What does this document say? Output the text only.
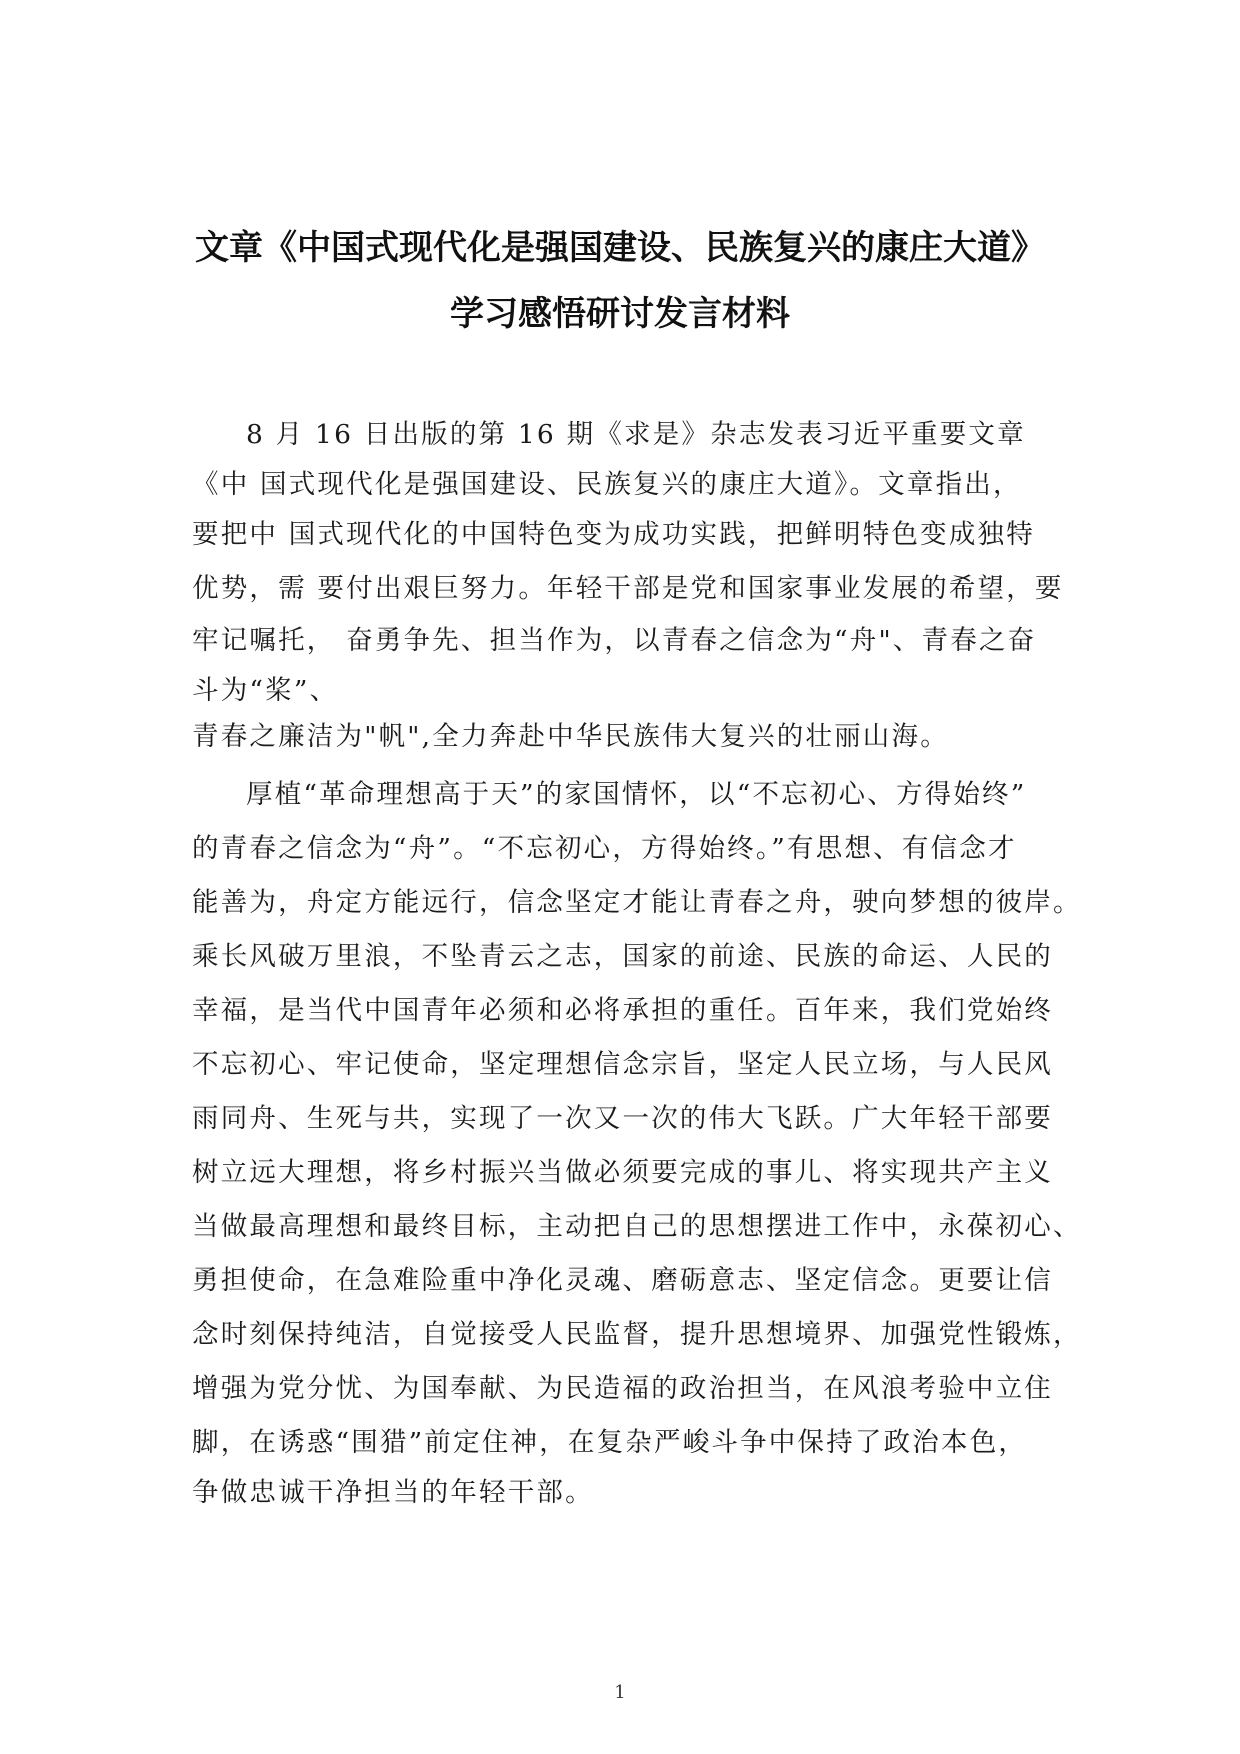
文章《中国式现代化是强国建设、民族复兴的康庄大道》
学习感悟研讨发言材料
8 月 16 日出版的第 16 期《求是》杂志发表习近平重要文章
《中 国式现代化是强国建设、民族复兴的康庄大道》。文章指出，
要把中 国式现代化的中国特色变为成功实践，把鲜明特色变成独特
优势，需 要付出艰巨努力。年轻干部是党和国家事业发展的希望，要
牢记嘱托， 奋勇争先、担当作为，以青春之信念为“舟"、青春之奋
斗为“桨”、
青春之廉洁为"帆",全力奔赴中华民族伟大复兴的壮丽山海。
厚植“革命理想高于天”的家国情怀，以“不忘初心、方得始终”
的青春之信念为“舟”。“不忘初心，方得始终。”有思想、有信念才
能善为，舟定方能远行，信念坚定才能让青春之舟，驶向梦想的彼岸。
乘长风破万里浪，不坠青云之志，国家的前途、民族的命运、人民的
幸福，是当代中国青年必须和必将承担的重任。百年来，我们党始终
不忘初心、牢记使命，坚定理想信念宗旨，坚定人民立场，与人民风
雨同舟、生死与共，实现了一次又一次的伟大飞跃。广大年轻干部要
树立远大理想，将乡村振兴当做必须要完成的事儿、将实现共产主义
当做最高理想和最终目标，主动把自己的思想摆进工作中，永葆初心、
勇担使命，在急难险重中净化灵魂、磨砺意志、坚定信念。更要让信
念时刻保持纯洁，自觉接受人民监督，提升思想境界、加强党性锻炼，
增强为党分忧、为国奉献、为民造福的政治担当，在风浪考验中立住
脚，在诱惑“围猎”前定住神，在复杂严峻斗争中保持了政治本色，
争做忠诚干净担当的年轻干部。
1
